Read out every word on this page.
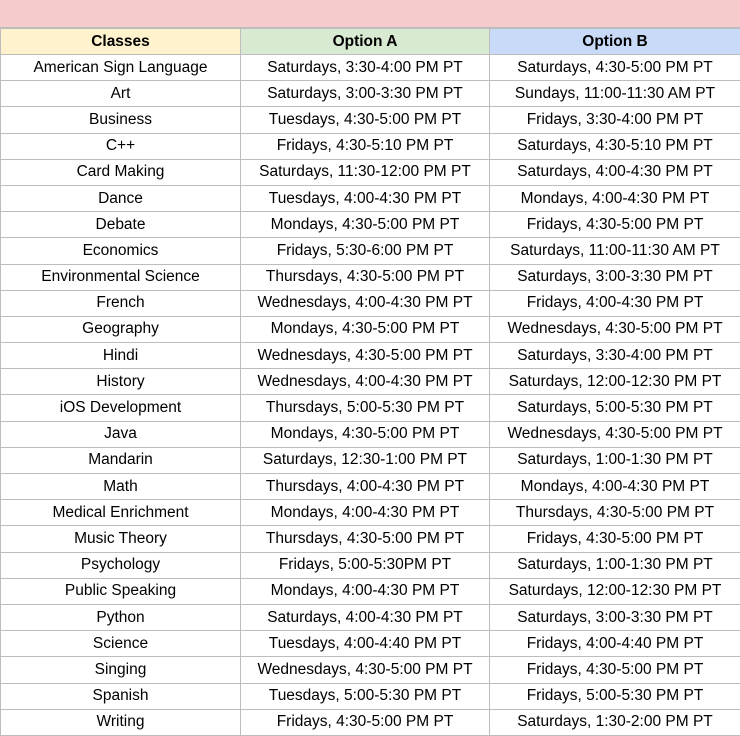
Classes	Option A	Option B
American Sign Language	Saturdays, 3:30-4:00 PM PT	Saturdays, 4:30-5:00 PM PT
Art	Saturdays, 3:00-3:30 PM PT	Sundays, 11:00-11:30 AM PT
Business	Tuesdays, 4:30-5:00 PM PT	Fridays, 3:30-4:00 PM PT
C++	Fridays, 4:30-5:10 PM PT	Saturdays, 4:30-5:10 PM PT
Card Making	Saturdays, 11:30-12:00 PM PT	Saturdays, 4:00-4:30 PM PT
Dance	Tuesdays, 4:00-4:30 PM PT	Mondays, 4:00-4:30 PM PT
Debate	Mondays, 4:30-5:00 PM PT	Fridays, 4:30-5:00 PM PT
Economics	Fridays, 5:30-6:00 PM PT	Saturdays, 11:00-11:30 AM PT
Environmental Science	Thursdays, 4:30-5:00 PM PT	Saturdays, 3:00-3:30 PM PT
French	Wednesdays, 4:00-4:30 PM PT	Fridays, 4:00-4:30 PM PT
Geography	Mondays, 4:30-5:00 PM PT	Wednesdays, 4:30-5:00 PM PT
Hindi	Wednesdays, 4:30-5:00 PM PT	Saturdays, 3:30-4:00 PM PT
History	Wednesdays, 4:00-4:30 PM PT	Saturdays, 12:00-12:30 PM PT
iOS Development	Thursdays, 5:00-5:30 PM PT	Saturdays, 5:00-5:30 PM PT
Java	Mondays, 4:30-5:00 PM PT	Wednesdays, 4:30-5:00 PM PT
Mandarin	Saturdays, 12:30-1:00 PM PT	Saturdays, 1:00-1:30 PM PT
Math	Thursdays, 4:00-4:30 PM PT	Mondays, 4:00-4:30 PM PT
Medical Enrichment	Mondays, 4:00-4:30 PM PT	Thursdays, 4:30-5:00 PM PT
Music Theory	Thursdays, 4:30-5:00 PM PT	Fridays, 4:30-5:00 PM PT
Psychology	Fridays, 5:00-5:30PM PT	Saturdays, 1:00-1:30 PM PT
Public Speaking	Mondays, 4:00-4:30 PM PT	Saturdays, 12:00-12:30 PM PT
Python	Saturdays, 4:00-4:30 PM PT	Saturdays, 3:00-3:30 PM PT
Science	Tuesdays, 4:00-4:40 PM PT	Fridays, 4:00-4:40 PM PT
Singing	Wednesdays, 4:30-5:00 PM PT	Fridays, 4:30-5:00 PM PT
Spanish	Tuesdays, 5:00-5:30 PM PT	Fridays, 5:00-5:30 PM PT
Writing	Fridays, 4:30-5:00 PM PT	Saturdays, 1:30-2:00 PM PT
